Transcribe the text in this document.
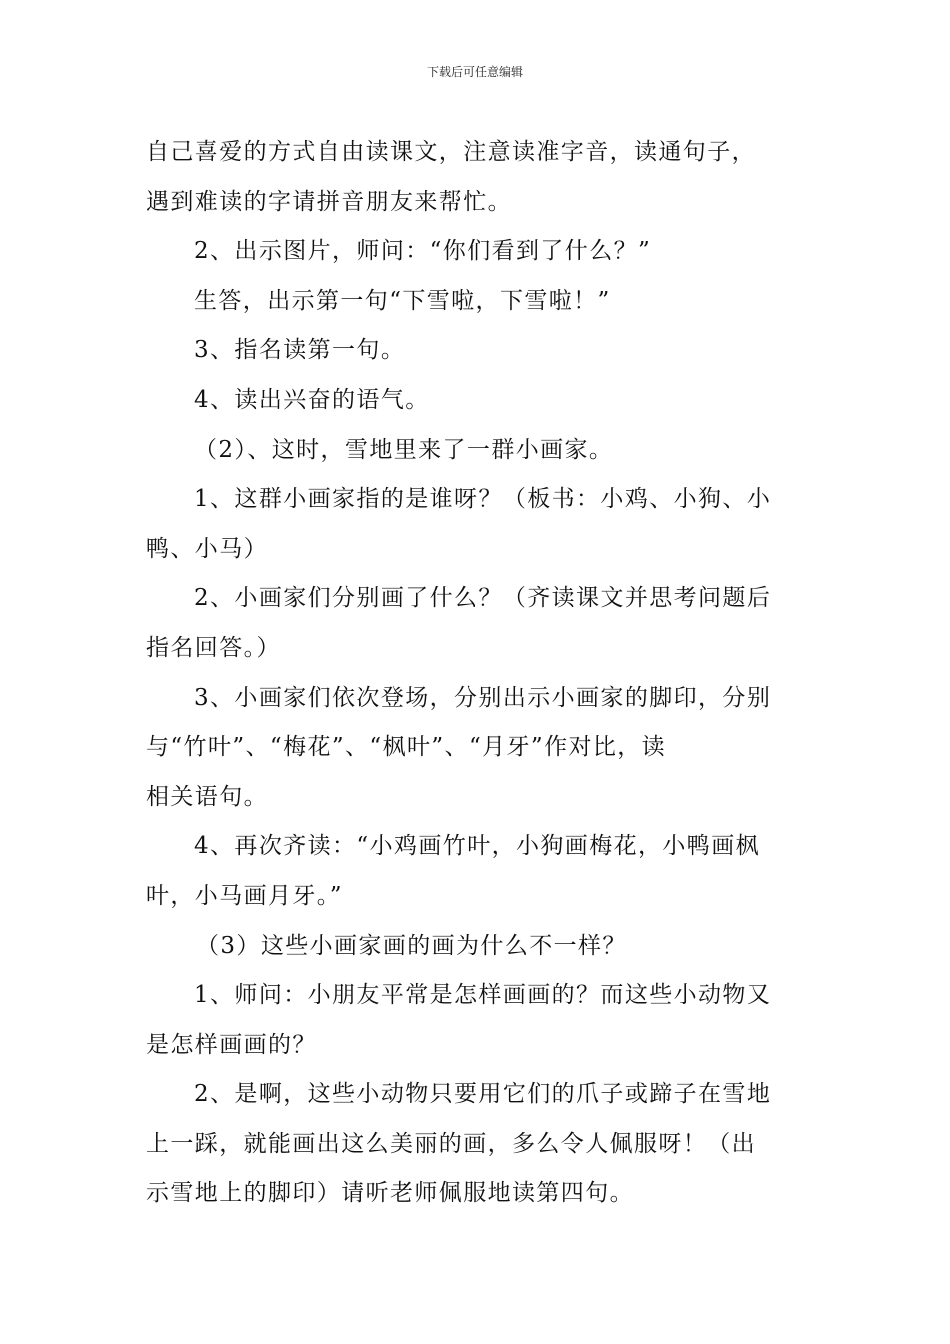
下载后可任意编辑
自己喜爱的方式自由读课文，注意读准字音，读通句子，
遇到难读的字请拼音朋友来帮忙。
2、出示图片，师问：“你们看到了什么？”
生答，出示第一句“下雪啦，下雪啦！”
3、指名读第一句。
4、读出兴奋的语气。
（2）、这时，雪地里来了一群小画家。
1、这群小画家指的是谁呀？（板书：小鸡、小狗、小
鸭、小马）
2、小画家们分别画了什么？（齐读课文并思考问题后
指名回答。）
3、小画家们依次登场，分别出示小画家的脚印，分别
与“竹叶”、“梅花”、“枫叶”、“月牙”作对比，读
相关语句。
4、再次齐读：“小鸡画竹叶，小狗画梅花，小鸭画枫
叶，小马画月牙。”
（3）这些小画家画的画为什么不一样？
1、师问：小朋友平常是怎样画画的？而这些小动物又
是怎样画画的？
2、是啊，这些小动物只要用它们的爪子或蹄子在雪地
上一踩，就能画出这么美丽的画，多么令人佩服呀！（出
示雪地上的脚印）请听老师佩服地读第四句。
